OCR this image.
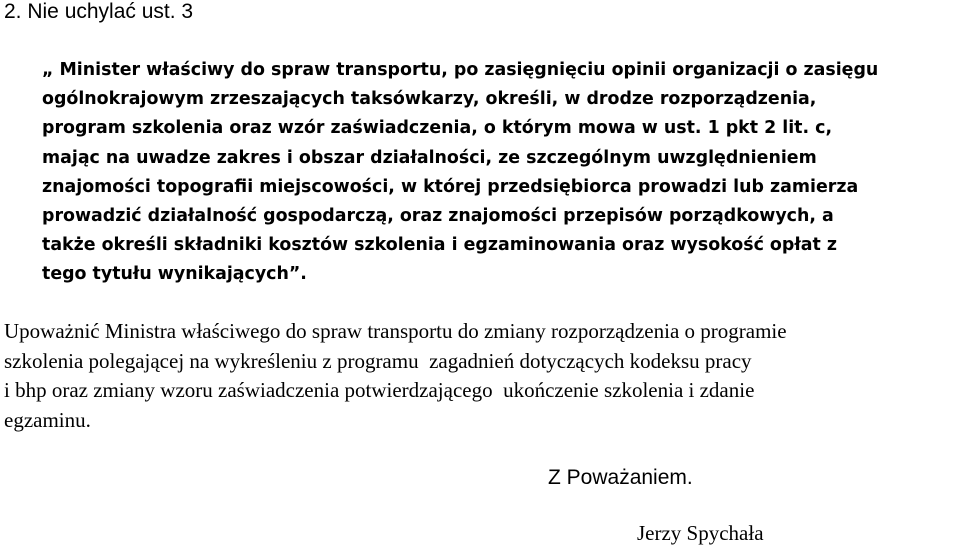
2. Nie uchylać ust. 3
„ Minister właściwy do spraw transportu, po zasięgnięciu opinii organizacji o zasięgu
ogólnokrajowym zrzeszających taksówkarzy, określi, w drodze rozporządzenia,
program szkolenia oraz wzór zaświadczenia, o którym mowa w ust. 1 pkt 2 lit. c,
mając na uwadze zakres i obszar działalności, ze szczególnym uwzględnieniem
znajomości topografii miejscowości, w której przedsiębiorca prowadzi lub zamierza
prowadzić działalność gospodarczą, oraz znajomości przepisów porządkowych, a
także określi składniki kosztów szkolenia i egzaminowania oraz wysokość opłat z
tego tytułu wynikających”.
Upoważnić Ministra właściwego do spraw transportu do zmiany rozporządzenia o programie
szkolenia polegającej na wykreśleniu z programu  zagadnień dotyczących kodeksu pracy
i bhp oraz zmiany wzoru zaświadczenia potwierdzającego  ukończenie szkolenia i zdanie
egzaminu.
Z Poważaniem.
Jerzy Spychała
